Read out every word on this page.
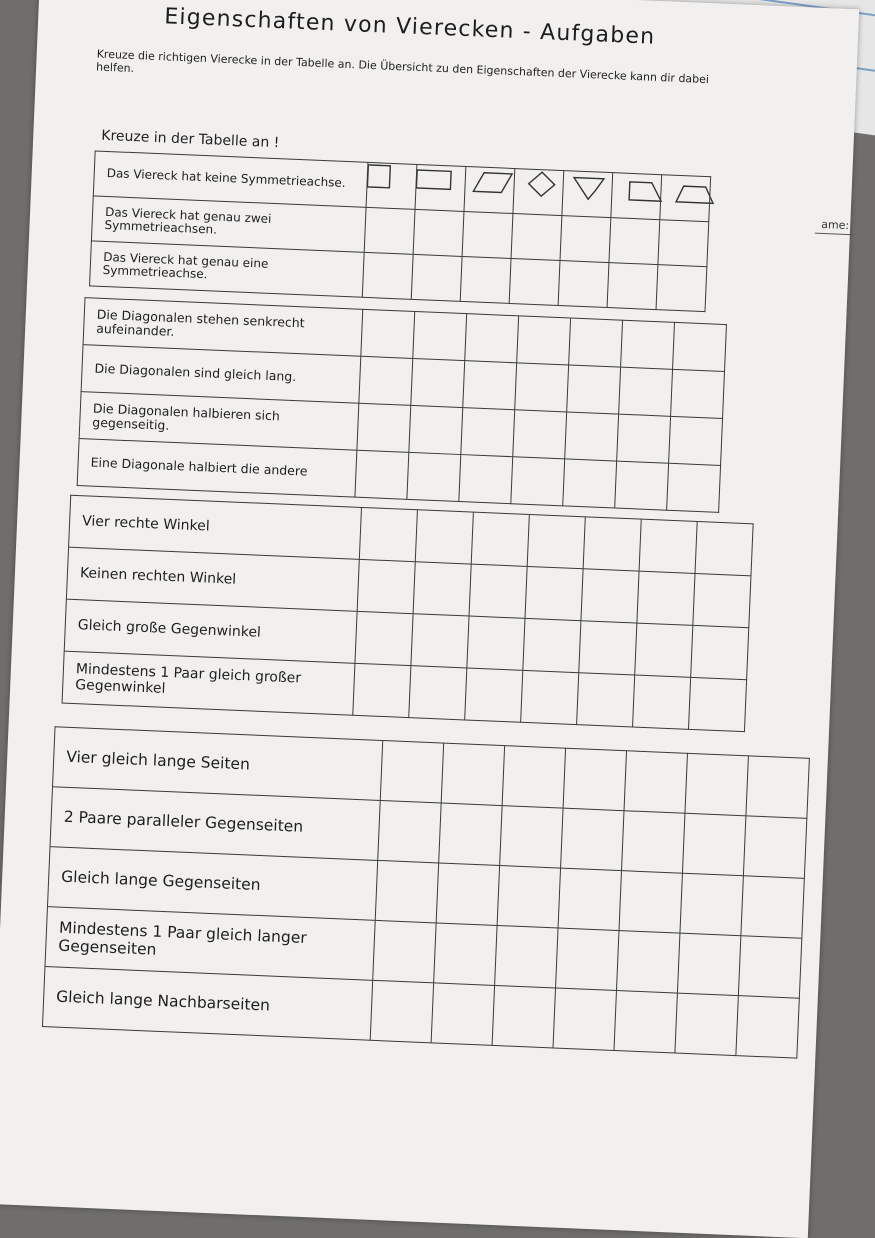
Eigenschaften von Vierecken - Aufgaben
Kreuze die richtigen Vierecke in der Tabelle an. Die Übersicht zu den Eigenschaften der Vierecke kann dir dabei helfen.
ame:
Kreuze in der Tabelle an !
Das Viereck hat keine Symmetrieachse.							
Das Viereck hat genau zwei Symmetrieachsen.							
Das Viereck hat genau eine Symmetrieachse.							
Die Diagonalen stehen senkrecht aufeinander.							
Die Diagonalen sind gleich lang.							
Die Diagonalen halbieren sich gegenseitig.							
Eine Diagonale halbiert die andere							
Vier rechte Winkel							
Keinen rechten Winkel							
Gleich große Gegenwinkel							
Mindestens 1 Paar gleich großer Gegenwinkel							
Vier gleich lange Seiten							
2 Paare paralleler Gegenseiten							
Gleich lange Gegenseiten							
Mindestens 1 Paar gleich langer Gegenseiten							
Gleich lange Nachbarseiten							
